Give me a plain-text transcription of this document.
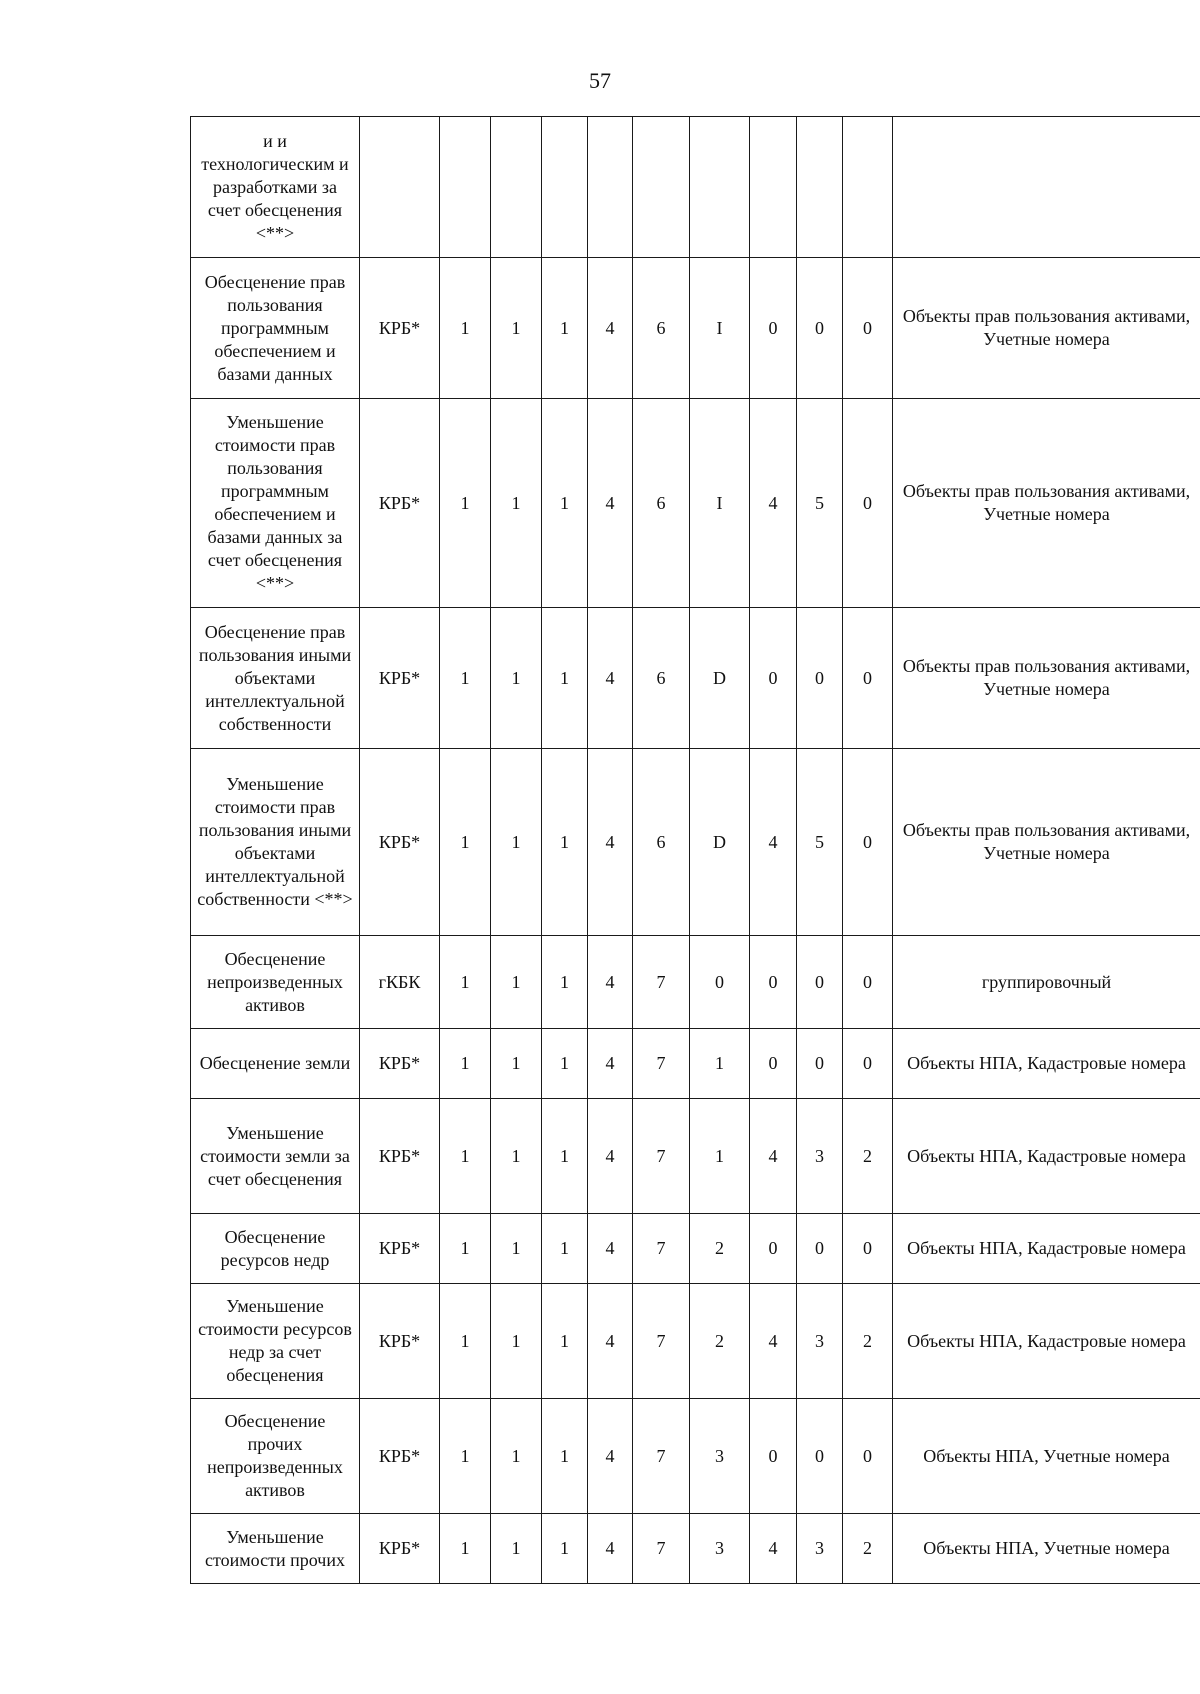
57
и и технологическим и разработками за счет обесценения <**>											

Обесценение прав пользования программным обеспечением и базами данных	КРБ*	1	1	1	4	6	I	0	0	0	Объекты прав пользования активами, Учетные номера

Уменьшение стоимости прав пользования программным обеспечением и базами данных за счет обесценения <**>	КРБ*	1	1	1	4	6	I	4	5	0	Объекты прав пользования активами, Учетные номера

Обесценение прав пользования иными объектами интеллектуальной собственности	КРБ*	1	1	1	4	6	D	0	0	0	Объекты прав пользования активами, Учетные номера

Уменьшение стоимости прав пользования иными объектами интеллектуальной собственности <**>	КРБ*	1	1	1	4	6	D	4	5	0	Объекты прав пользования активами, Учетные номера

Обесценение непроизведенных активов	гКБК	1	1	1	4	7	0	0	0	0	группировочный

Обесценение земли	КРБ*	1	1	1	4	7	1	0	0	0	Объекты НПА, Кадастровые номера

Уменьшение стоимости земли за счет обесценения	КРБ*	1	1	1	4	7	1	4	3	2	Объекты НПА, Кадастровые номера

Обесценение ресурсов недр	КРБ*	1	1	1	4	7	2	0	0	0	Объекты НПА, Кадастровые номера

Уменьшение стоимости ресурсов недр за счет обесценения	КРБ*	1	1	1	4	7	2	4	3	2	Объекты НПА, Кадастровые номера

Обесценение прочих непроизведенных активов	КРБ*	1	1	1	4	7	3	0	0	0	Объекты НПА, Учетные номера

Уменьшение стоимости прочих	КРБ*	1	1	1	4	7	3	4	3	2	Объекты НПА, Учетные номера
